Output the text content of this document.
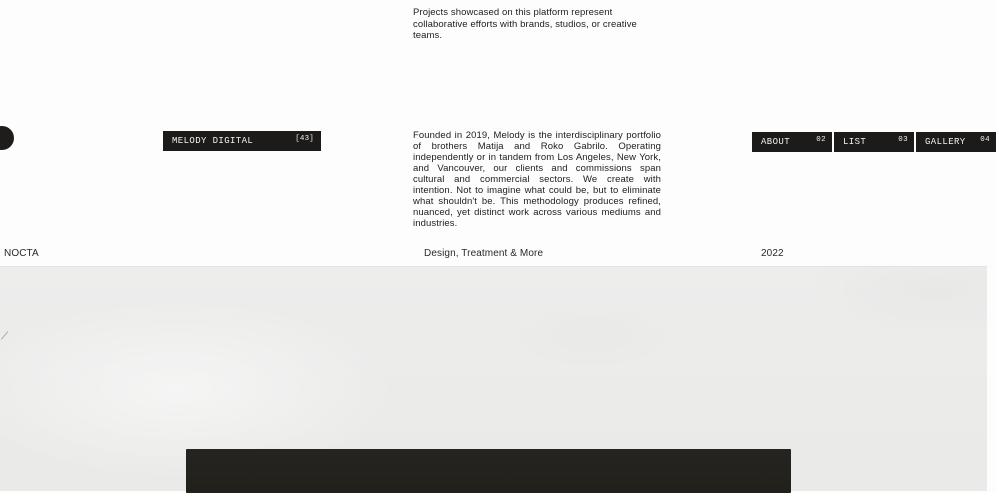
Projects showcased on this platform represent collaborative efforts with brands, studios, or creative teams.

MELODY DIGITAL	[43]	Founded in 2019, Melody is the interdisciplinary portfolio of brothers Matija and Roko Gabrilo. Operating independently or in tandem from Los Angeles, New York, and Vancouver, our clients and commissions span cultural and commercial sectors. We create with intention. Not to imagine what could be, but to eliminate what shouldn't be. This methodology produces refined, nuanced, yet distinct work across various mediums and industries.

ABOUT	02 LIST	03 GALLERY 04
NOCTA	Design, Treatment & More	2022
⁄
